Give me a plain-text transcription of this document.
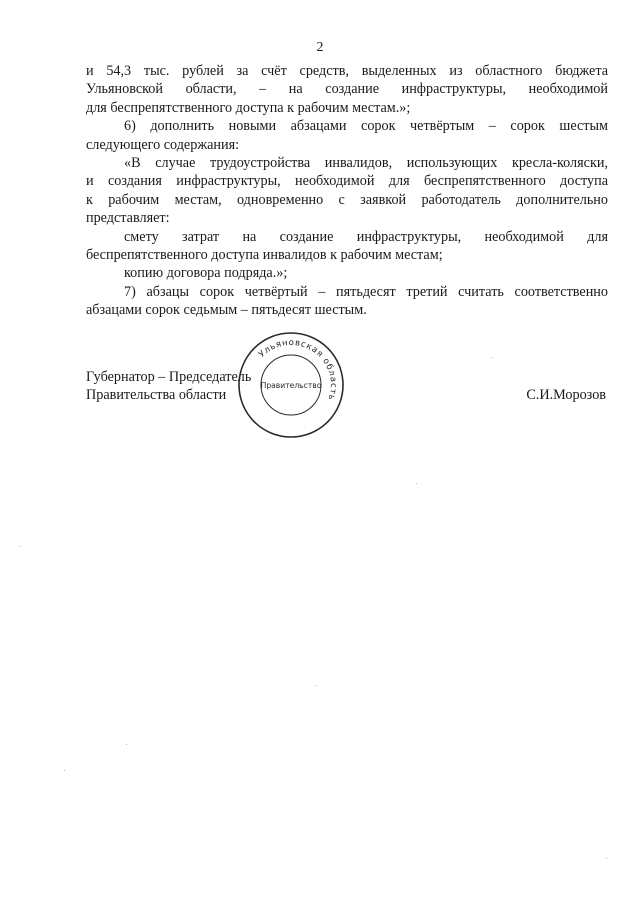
2
и 54,3 тыс. рублей за счёт средств, выделенных из областного бюджета
Ульяновской области, – на создание инфраструктуры, необходимой
для беспрепятственного доступа к рабочим местам.»;
6) дополнить новыми абзацами сорок четвёртым – сорок шестым
следующего содержания:
«В случае трудоустройства инвалидов, использующих кресла-коляски,
и создания инфраструктуры, необходимой для беспрепятственного доступа
к рабочим местам, одновременно с заявкой работодатель дополнительно
представляет:
смету затрат на создание инфраструктуры, необходимой для
беспрепятственного доступа инвалидов к рабочим местам;
копию договора подряда.»;
7) абзацы сорок четвёртый – пятьдесят третий считать соответственно
абзацами сорок седьмым – пятьдесят шестым.
Губернатор – Председатель
Правительства области	С.И.Морозов
Ульяновская область
Правительство
